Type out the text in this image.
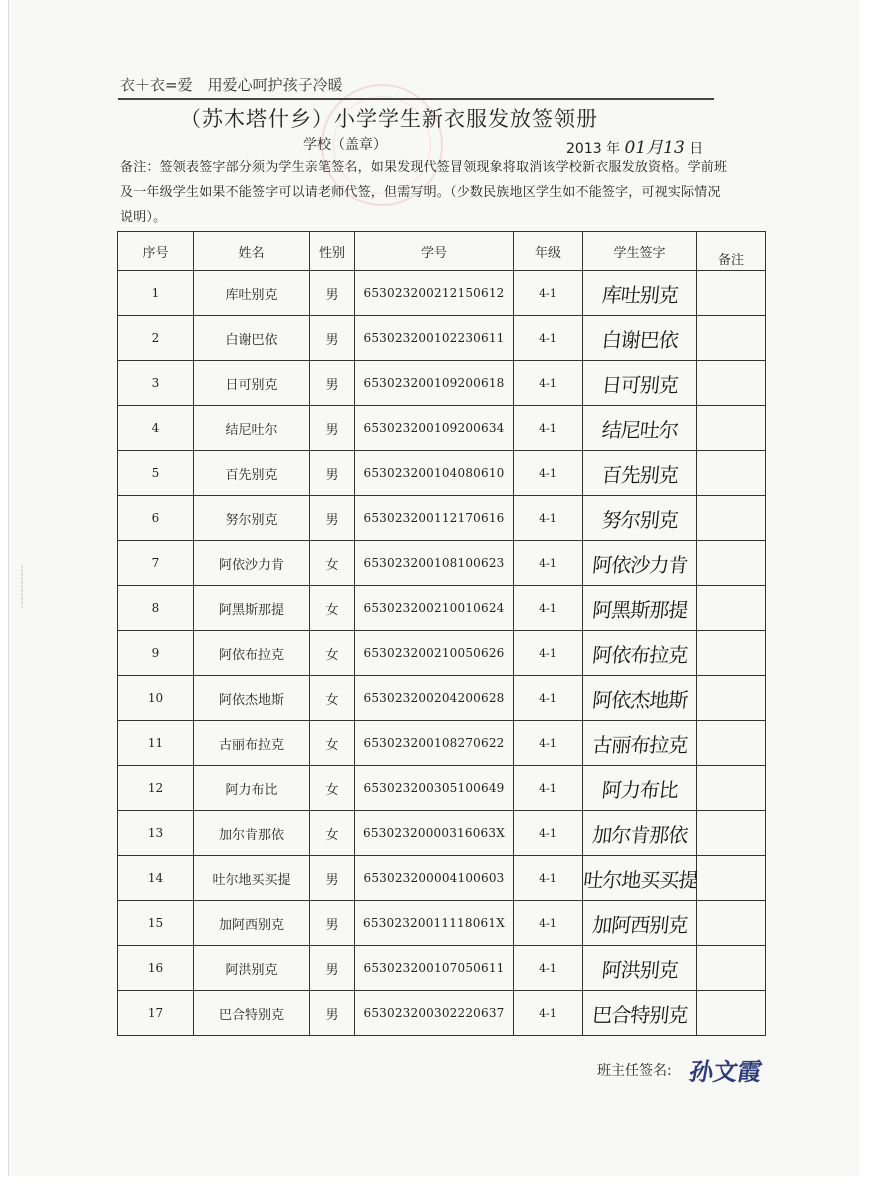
┆
┆
┆
┆
┆
衣＋衣=爱　用爱心呵护孩子冷暖
（苏木塔什乡）小学学生新衣服发放签领册
学校（盖章）	2013 年 01月13 日
备注：签领表签字部分须为学生亲笔签名，如果发现代签冒领现象将取消该学校新衣服发放资格。学前班及一年级学生如果不能签字可以请老师代签，但需写明。（少数民族地区学生如不能签字，可视实际情况说明）。
序号	姓名	性别	学号	年级	学生签字	备注
1	库吐别克	男	653023200212150612	4-1	库吐别克	
2	白谢巴依	男	653023200102230611	4-1	白谢巴依	
3	日可别克	男	653023200109200618	4-1	日可别克	
4	结尼吐尔	男	653023200109200634	4-1	结尼吐尔	
5	百先别克	男	653023200104080610	4-1	百先别克	
6	努尔别克	男	653023200112170616	4-1	努尔别克	
7	阿依沙力肯	女	653023200108100623	4-1	阿依沙力肯	
8	阿黑斯那提	女	653023200210010624	4-1	阿黑斯那提	
9	阿依布拉克	女	653023200210050626	4-1	阿依布拉克	
10	阿依杰地斯	女	653023200204200628	4-1	阿依杰地斯	
11	古丽布拉克	女	653023200108270622	4-1	古丽布拉克	
12	阿力布比	女	653023200305100649	4-1	阿力布比	
13	加尔肯那依	女	65302320000316063X	4-1	加尔肯那依	
14	吐尔地买买提	男	653023200004100603	4-1	吐尔地买买提	
15	加阿西别克	男	65302320011118061X	4-1	加阿西别克	
16	阿洪别克	男	653023200107050611	4-1	阿洪别克	
17	巴合特别克	男	653023200302220637	4-1	巴合特别克	
班主任签名: 孙文霞
